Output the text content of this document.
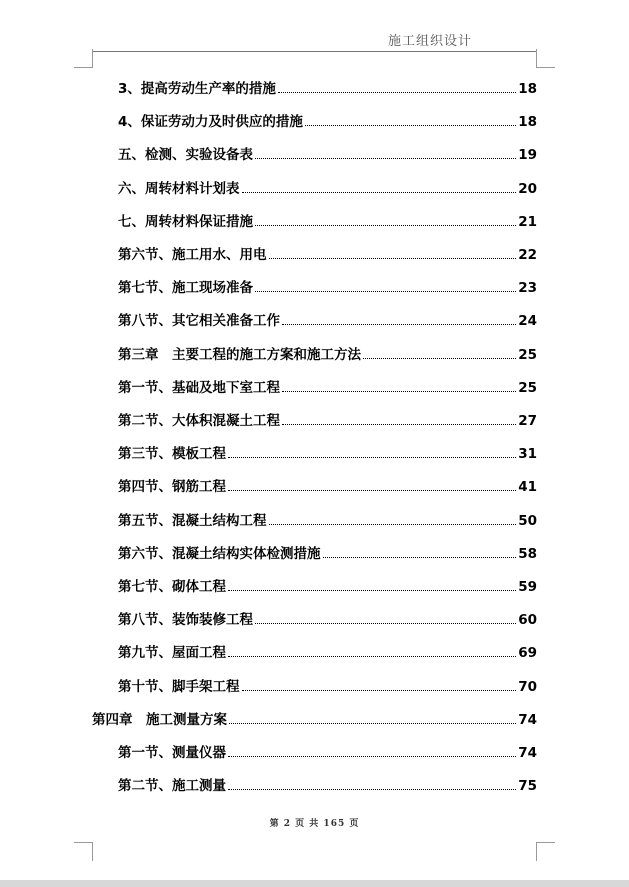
施工组织设计
3、提高劳动生产率的措施	18
4、保证劳动力及时供应的措施	18
五、检测、实验设备表	19
六、周转材料计划表	20
七、周转材料保证措施	21
第六节、施工用水、用电	22
第七节、施工现场准备	23
第八节、其它相关准备工作	24
第三章　主要工程的施工方案和施工方法	25
第一节、基础及地下室工程	25
第二节、大体积混凝土工程	27
第三节、模板工程	31
第四节、钢筋工程	41
第五节、混凝土结构工程	50
第六节、混凝土结构实体检测措施	58
第七节、砌体工程	59
第八节、装饰装修工程	60
第九节、屋面工程	69
第十节、脚手架工程	70
第四章　施工测量方案	74
第一节、测量仪器	74
第二节、施工测量	75
第 2 页 共 165 页
